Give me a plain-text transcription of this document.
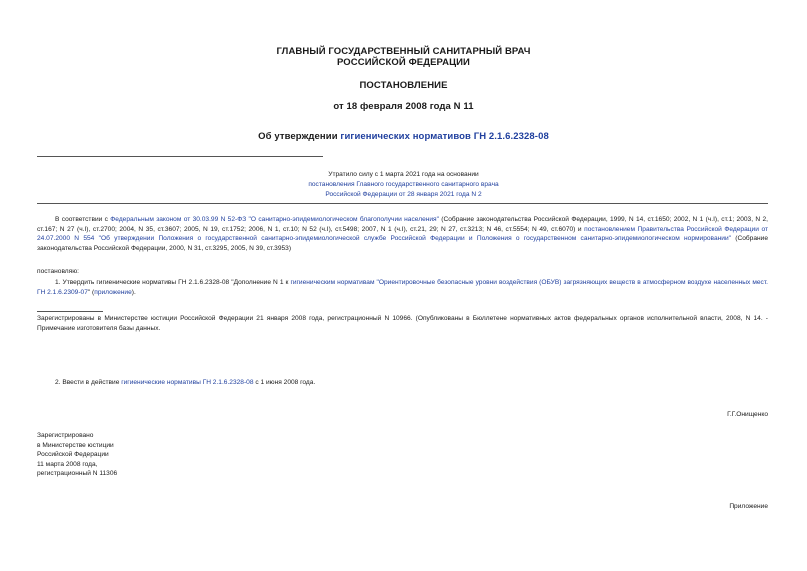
ГЛАВНЫЙ ГОСУДАРСТВЕННЫЙ САНИТАРНЫЙ ВРАЧ
РОССИЙСКОЙ ФЕДЕРАЦИИ
ПОСТАНОВЛЕНИЕ
от 18 февраля 2008 года N 11
Об утверждении гигиенических нормативов ГН 2.1.6.2328-08
Утратило силу с 1 марта 2021 года на основании
постановления Главного государственного санитарного врача
Российской Федерации от 28 января 2021 года N 2
В соответствии с Федеральным законом от 30.03.99 N 52-ФЗ "О санитарно-эпидемиологическом благополучии населения" (Собрание законодательства Российской Федерации, 1999, N 14, ст.1650; 2002, N 1 (ч.I), ст.1; 2003, N 2, ст.167; N 27 (ч.I), ст.2700; 2004, N 35, ст.3607; 2005, N 19, ст.1752; 2006, N 1, ст.10; N 52 (ч.I), ст.5498; 2007, N 1 (ч.I), ст.21, 29; N 27, ст.3213; N 46, ст.5554; N 49, ст.6070) и постановлением Правительства Российской Федерации от 24.07.2000 N 554 "Об утверждении Положения о государственной санитарно-эпидемиологической службе Российской Федерации и Положения о государственном санитарно-эпидемиологическом нормировании" (Собрание законодательства Российской Федерации, 2000, N 31, ст.3295, 2005, N 39, ст.3953)
постановляю:
1. Утвердить гигиенические нормативы ГН 2.1.6.2328-08 "Дополнение N 1 к гигиеническим нормативам "Ориентировочные безопасные уровни воздействия (ОБУВ) загрязняющих веществ в атмосферном воздухе населенных мест. ГН 2.1.6.2309-07" (приложение).
Зарегистрированы в Министерстве юстиции Российской Федерации 21 января 2008 года, регистрационный N 10966. (Опубликованы в Бюллетене нормативных актов федеральных органов исполнительной власти, 2008, N 14. - Примечание изготовителя базы данных.
2. Ввести в действие гигиенические нормативы ГН 2.1.6.2328-08 с 1 июня 2008 года.
Г.Г.Онищенко
Зарегистрировано
в Министерстве юстиции
Российской Федерации
11 марта 2008 года,
регистрационный N 11306
Приложение
